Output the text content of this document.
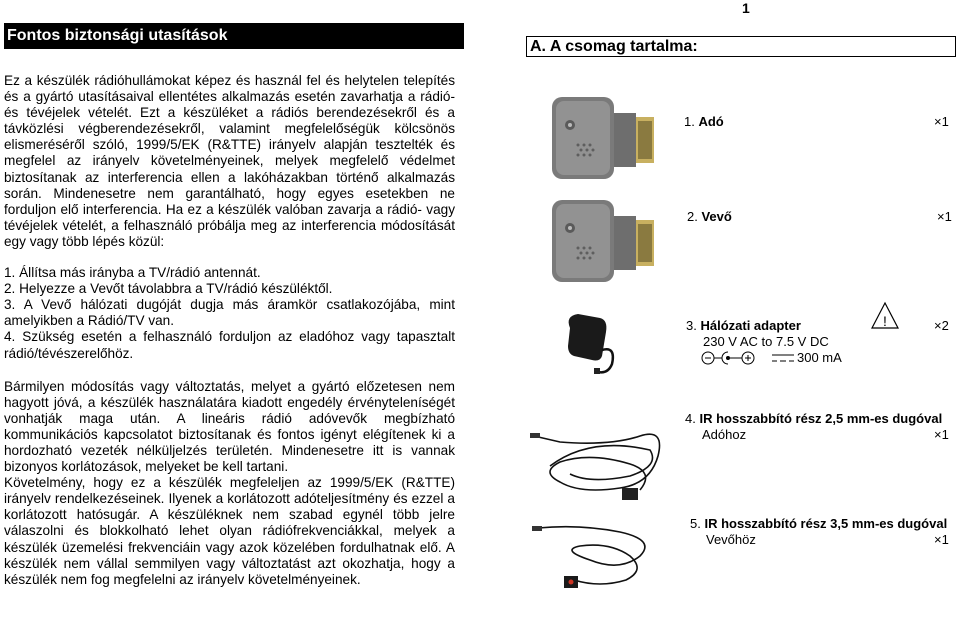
1
Fontos biztonsági utasítások

Ez a készülék rádióhullámokat képez és használ fel és helytelen telepítés és a gyártó utasításaival ellentétes alkalmazás esetén zavarhatja a rádió- és tévéjelek vételét. Ezt a készüléket a rádiós berendezésekről és a távközlési végberendezésekről, valamint megfelelőségük kölcsönös elismeréséről szóló, 1999/5/EK (R&TTE) irányelv alapján tesztelték és megfelel az irányelv követelményeinek, melyek megfelelő védelmet biztosítanak az interferencia ellen a lakóházakban történő alkalmazás során. Mindenesetre nem garantálható, hogy egyes esetekben ne forduljon elő interferencia. Ha ez a készülék valóban zavarja a rádió- vagy tévéjelek vételét, a felhasználó próbálja meg az interferencia módosítását egy vagy több lépés közül:

1. Állítsa más irányba a TV/rádió antennát.

2. Helyezze a Vevőt távolabbra a TV/rádió készüléktől.

3. A Vevő hálózati dugóját dugja más áramkör csatlakozójába, mint amelyikben a Rádió/TV van.

4. Szükség esetén a felhasználó forduljon az eladóhoz vagy tapasztalt rádió/tévészerelőhöz.

Bármilyen módosítás vagy változtatás, melyet a gyártó előzetesen nem hagyott jóvá, a készülék használatára kiadott engedély érvényteleníségét vonhatják maga után. A lineáris rádió adóvevők megbízható kommunikációs kapcsolatot biztosítanak és fontos igényt elégítenek ki a hordozható vezeték nélküljelzés területén. Mindenesetre itt is vannak bizonyos korlátozások, melyeket be kell tartani.

Követelmény, hogy ez a készülék megfeleljen az 1999/5/EK (R&TTE) irányelv rendelkezéseinek. Ilyenek a korlátozott adóteljesítmény és ezzel a korlátozott hatósugár. A készüléknek nem szabad egynél több jelre válaszolni és blokkolható lehet olyan rádiófrekvenciákkal, melyek a készülék üzemelési frekvenciáin vagy azok közelében fordulhatnak elő. A készülék nem vállal semmilyen vagy változtatást azt okozhatja, hogy a készülék nem fog megfelelni az irányelv követelményeinek.

A. A csomag tartalma:
1. Adó	×1
2. Vevő	×1
3. Hálózati adapter	!	×2
230 V AC to 7.5 V DC
300 mA
4. IR hosszabbító rész 2,5 mm-es dugóval
Adóhoz	×1
5. IR hosszabbító rész 3,5 mm-es dugóval
Vevőhöz	×1
